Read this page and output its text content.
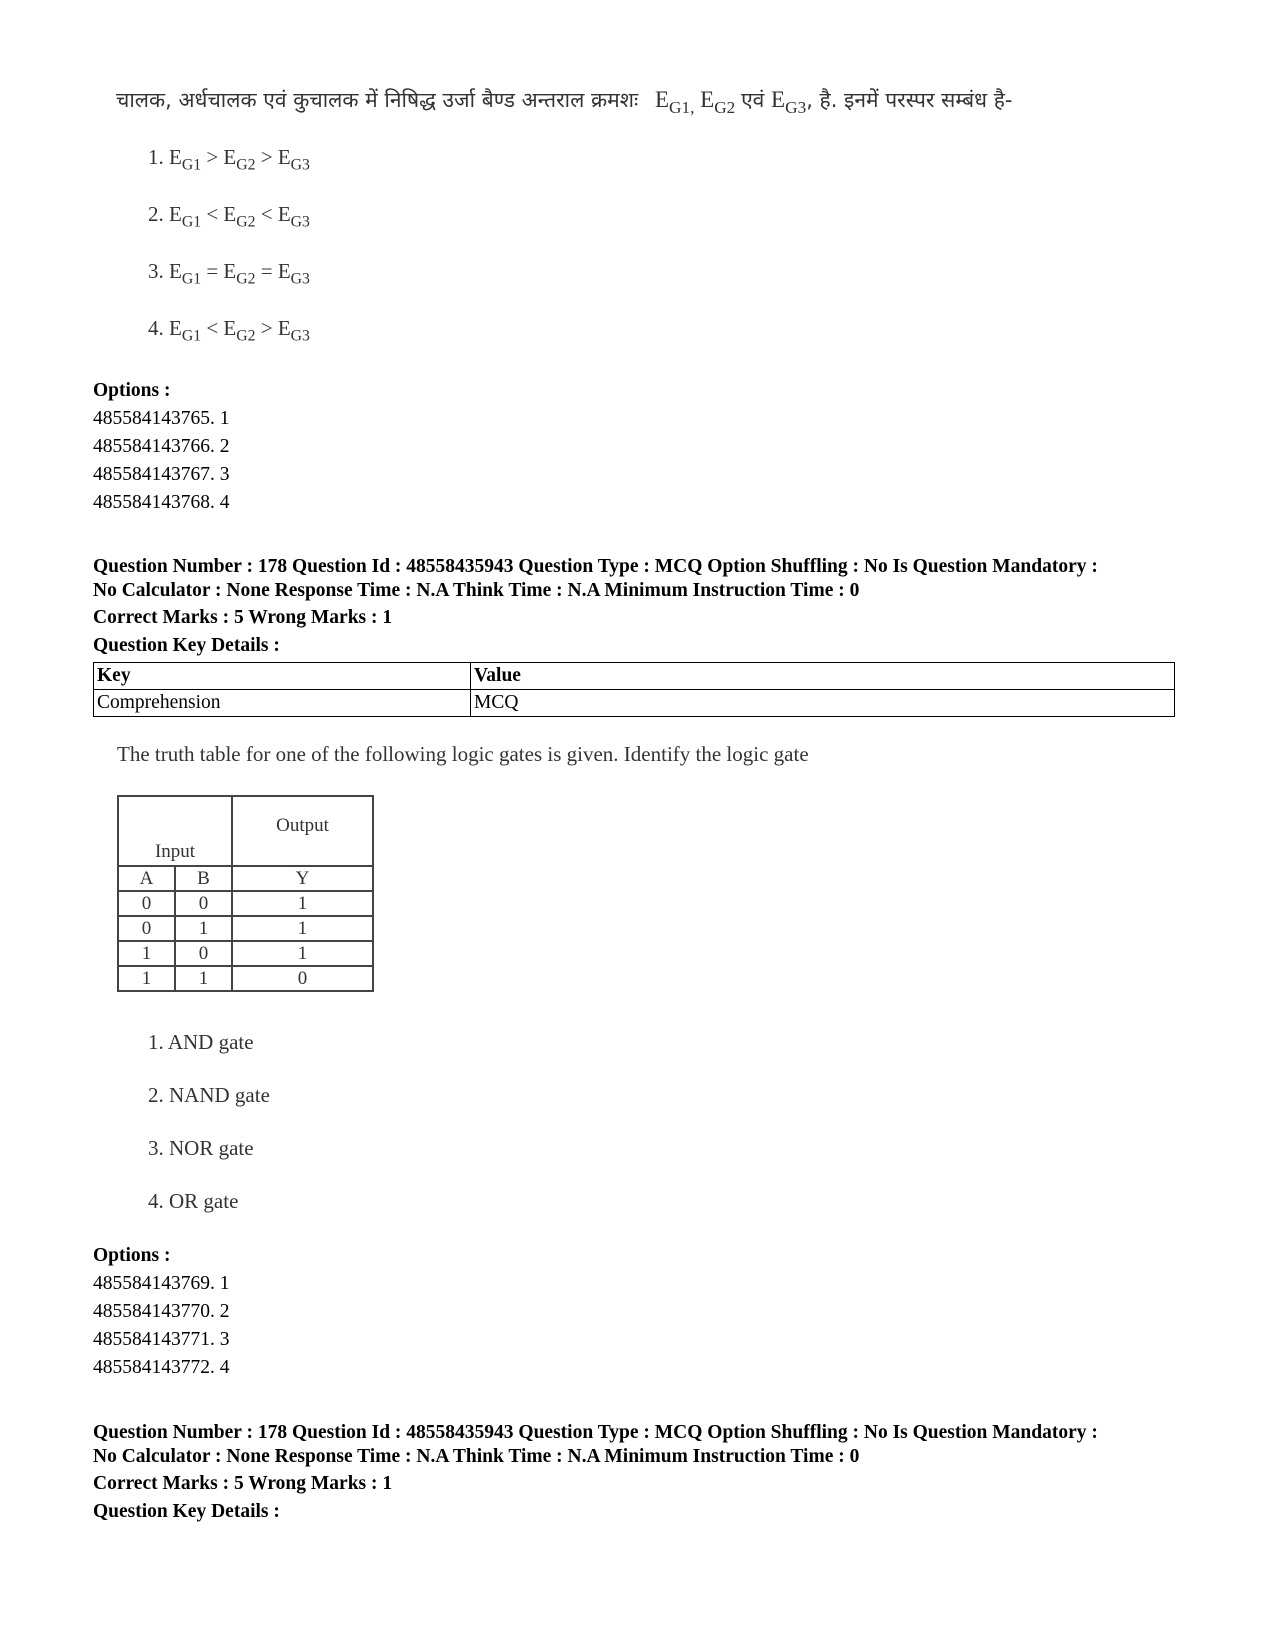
चालक, अर्धचालक एवं कुचालक में निषिद्ध उर्जा बैण्ड अन्तराल क्रमशः $E_{G1,}$ $E_{G2}$ एवं $E_{G3}$, है. इनमें परस्पर सम्बंध है-
1. $E_{G1} > E_{G2} > E_{G3}$
2. $E_{G1} < E_{G2} < E_{G3}$
3. $E_{G1} = E_{G2} = E_{G3}$
4. $E_{G1} < E_{G2} > E_{G3}$
Options :
485584143765. 1
485584143766. 2
485584143767. 3
485584143768. 4
Question Number : 178 Question Id : 48558435943 Question Type : MCQ Option Shuffling : No Is Question Mandatory :
No Calculator : None Response Time : N.A Think Time : N.A Minimum Instruction Time : 0
Correct Marks : 5 Wrong Marks : 1
Question Key Details :
Key	Value
Comprehension	MCQ
The truth table for one of the following logic gates is given. Identify the logic gate
Input		Output
A	B	Y
0	0	1
0	1	1
1	0	1
1	1	0
1. AND gate
2. NAND gate
3. NOR gate
4. OR gate
Options :
485584143769. 1
485584143770. 2
485584143771. 3
485584143772. 4
Question Number : 178 Question Id : 48558435943 Question Type : MCQ Option Shuffling : No Is Question Mandatory :
No Calculator : None Response Time : N.A Think Time : N.A Minimum Instruction Time : 0
Correct Marks : 5 Wrong Marks : 1
Question Key Details :
